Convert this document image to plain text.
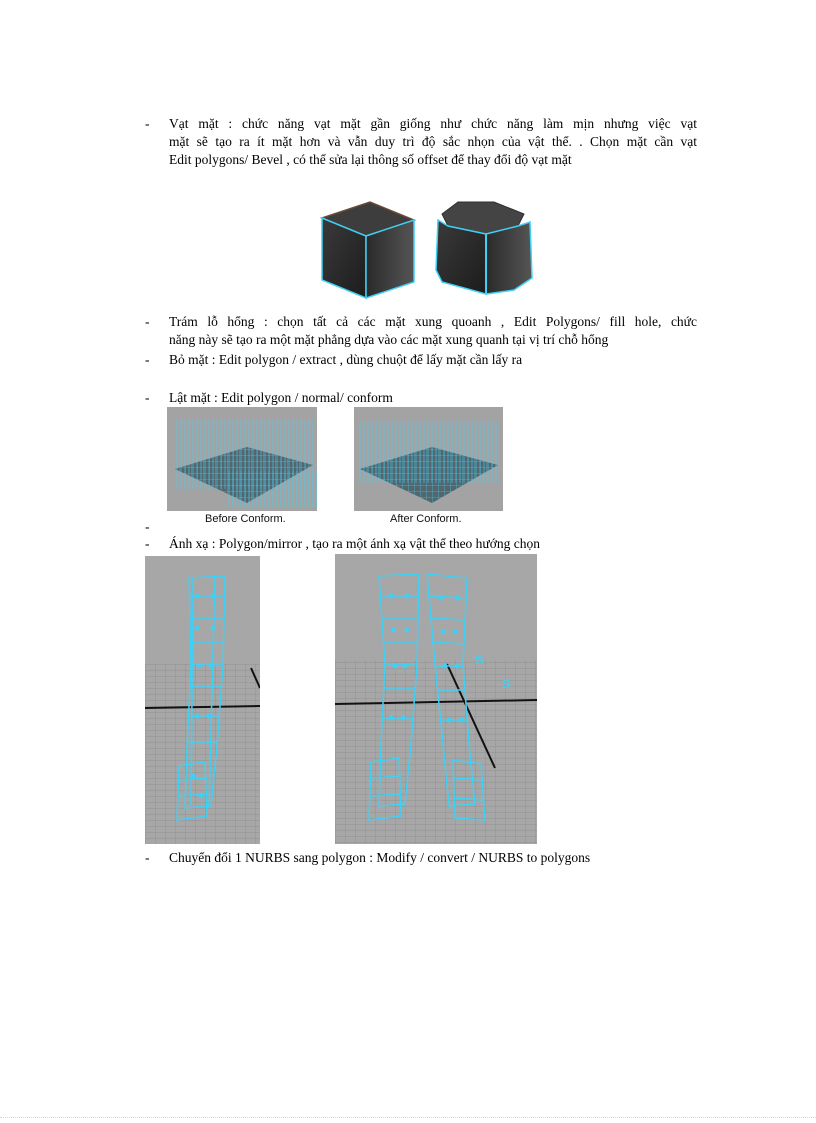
-	Vạt mặt : chức năng vạt mặt gần giống như chức năng làm mịn nhưng việc vạt
mặt sẽ tạo ra ít mặt hơn và vẫn duy trì độ sắc nhọn của vật thể. . Chọn mặt cần vạt
Edit polygons/ Bevel , có thể sửa lại thông số offset để thay đổi độ vạt mặt
-	Trám lỗ hổng : chọn tất cả các mặt xung quoanh , Edit Polygons/ fill hole, chức
năng này sẽ tạo ra một mặt phẳng dựa vào các mặt xung quanh tại vị trí chỗ hổng
-	Bỏ mặt : Edit polygon / extract , dùng chuột để lấy mặt cần lấy ra
-	Lật mặt : Edit polygon / normal/ conform
Before Conform.	After Conform.
-
-	Ánh xạ : Polygon/mirror , tạo ra một ánh xạ vật thể theo hướng chọn
S
S
-	Chuyển đổi 1 NURBS sang polygon : Modify / convert / NURBS to polygons
